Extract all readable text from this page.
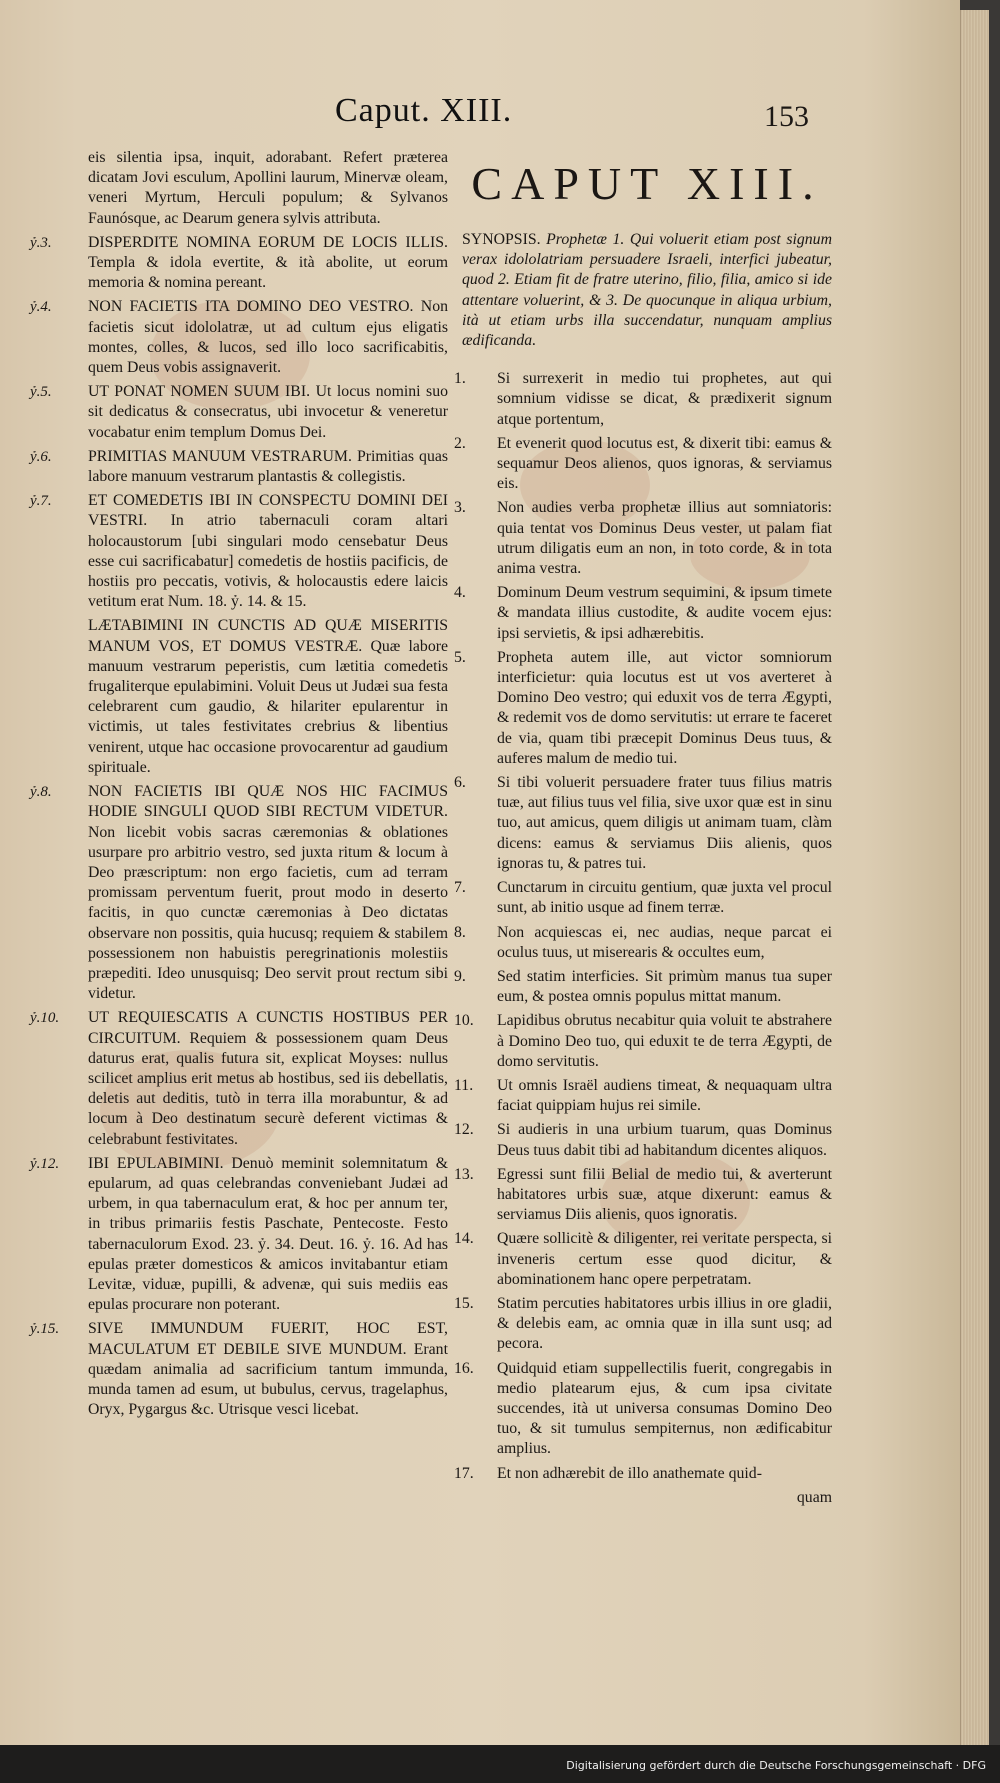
Caput. XIII.	153

eis silentia ipsa, inquit, adorabant. Refert præterea dicatam Jovi esculum, Apollini laurum, Minervæ oleam, veneri Myrtum, Herculi populum; & Sylvanos Faunósque, ac Dearum genera sylvis attributa.

ỷ.3.	DISPERDITE NOMINA EORUM DE LOCIS ILLIS. Templa & idola evertite, & ità abolite, ut eorum memoria & nomina pereant.

ỷ.4.	NON FACIETIS ITA DOMINO DEO VESTRO. Non facietis sicut idololatræ, ut ad cultum ejus eligatis montes, colles, & lucos, sed illo loco sacrificabitis, quem Deus vobis assignaverit.

ỷ.5.	UT PONAT NOMEN SUUM IBI. Ut locus nomini suo sit dedicatus & consecratus, ubi invocetur & veneretur vocabatur enim templum Domus Dei.

ỷ.6.	PRIMITIAS MANUUM VESTRARUM. Primitias quas labore manuum vestrarum plantastis & collegistis.

ỷ.7.	ET COMEDETIS IBI IN CONSPECTU DOMINI DEI VESTRI. In atrio tabernaculi coram altari holocaustorum [ubi singulari modo censebatur Deus esse cui sacrificabatur] comedetis de hostiis pacificis, de hostiis pro peccatis, votivis, & holocaustis edere laicis vetitum erat Num. 18. ỷ. 14. & 15.

LÆTABIMINI IN CUNCTIS AD QUÆ MISERITIS MANUM VOS, ET DOMUS VESTRÆ. Quæ labore manuum vestrarum peperistis, cum lætitia comedetis frugaliterque epulabimini. Voluit Deus ut Judæi sua festa celebrarent cum gaudio, & hilariter epularentur in victimis, ut tales festivitates crebrius & libentius venirent, utque hac occasione provocarentur ad gaudium spirituale.

ỷ.8.	NON FACIETIS IBI QUÆ NOS HIC FACIMUS HODIE SINGULI QUOD SIBI RECTUM VIDETUR. Non licebit vobis sacras cæremonias & oblationes usurpare pro arbitrio vestro, sed juxta ritum & locum à Deo præscriptum: non ergo facietis, cum ad terram promissam perventum fuerit, prout modo in deserto facitis, in quo cunctæ cæremonias à Deo dictatas observare non possitis, quia hucusq; requiem & stabilem possessionem non habuistis peregrinationis molestiis præpediti. Ideo unusquisq; Deo servit prout rectum sibi videtur.

ỷ.10.	UT REQUIESCATIS A CUNCTIS HOSTIBUS PER CIRCUITUM. Requiem & possessionem quam Deus daturus erat, qualis futura sit, explicat Moyses: nullus scilicet amplius erit metus ab hostibus, sed iis debellatis, deletis aut deditis, tutò in terra illa morabuntur, & ad locum à Deo destinatum securè deferent victimas & celebrabunt festivitates.

ỷ.12.	IBI EPULABIMINI. Denuò meminit solemnitatum & epularum, ad quas celebrandas conveniebant Judæi ad urbem, in qua tabernaculum erat, & hoc per annum ter, in tribus primariis festis Paschate, Pentecoste. Festo tabernaculorum Exod. 23. ỷ. 34. Deut. 16. ỷ. 16. Ad has epulas præter domesticos & amicos invitabantur etiam Levitæ, viduæ, pupilli, & advenæ, qui suis mediis eas epulas procurare non poterant.

ỷ.15.	SIVE IMMUNDUM FUERIT, HOC EST, MACULATUM ET DEBILE SIVE MUNDUM. Erant quædam animalia ad sacrificium tantum immunda, munda tamen ad esum, ut bubulus, cervus, tragelaphus, Oryx, Pygargus &c. Utrisque vesci licebat.

CAPUT XIII.
SYNOPSIS. Prophetæ 1. Qui voluerit etiam post signum verax idololatriam persuadere Israeli, interfici jubeatur, quod 2. Etiam fit de fratre uterino, filio, filia, amico si ide attentare voluerint, & 3. De quocunque in aliqua urbium, ità ut etiam urbs illa succendatur, nunquam amplius ædificanda.
1.	Si surrexerit in medio tui prophetes, aut qui somnium vidisse se dicat, & prædixerit signum atque portentum,
2.	Et evenerit quod locutus est, & dixerit tibi: eamus & sequamur Deos alienos, quos ignoras, & serviamus eis.
3.	Non audies verba prophetæ illius aut somniatoris: quia tentat vos Dominus Deus vester, ut palam fiat utrum diligatis eum an non, in toto corde, & in tota anima vestra.
4.	Dominum Deum vestrum sequimini, & ipsum timete & mandata illius custodite, & audite vocem ejus: ipsi servietis, & ipsi adhærebitis.
5.	Propheta autem ille, aut victor somniorum interficietur: quia locutus est ut vos averteret à Domino Deo vestro; qui eduxit vos de terra Ægypti, & redemit vos de domo servitutis: ut errare te faceret de via, quam tibi præcepit Dominus Deus tuus, & auferes malum de medio tui.
6.	Si tibi voluerit persuadere frater tuus filius matris tuæ, aut filius tuus vel filia, sive uxor quæ est in sinu tuo, aut amicus, quem diligis ut animam tuam, clàm dicens: eamus & serviamus Diis alienis, quos ignoras tu, & patres tui.
7.	Cunctarum in circuitu gentium, quæ juxta vel procul sunt, ab initio usque ad finem terræ.
8.	Non acquiescas ei, nec audias, neque parcat ei oculus tuus, ut miserearis & occultes eum,
9.	Sed statim interficies. Sit primùm manus tua super eum, & postea omnis populus mittat manum.
10.	Lapidibus obrutus necabitur quia voluit te abstrahere à Domino Deo tuo, qui eduxit te de terra Ægypti, de domo servitutis.
11.	Ut omnis Israël audiens timeat, & nequaquam ultra faciat quippiam hujus rei simile.
12.	Si audieris in una urbium tuarum, quas Dominus Deus tuus dabit tibi ad habitandum dicentes aliquos.
13.	Egressi sunt filii Belial de medio tui, & averterunt habitatores urbis suæ, atque dixerunt: eamus & serviamus Diis alienis, quos ignoratis.
14.	Quære sollicitè & diligenter, rei veritate perspecta, si inveneris certum esse quod dicitur, & abominationem hanc opere perpetratam.
15.	Statim percuties habitatores urbis illius in ore gladii, & delebis eam, ac omnia quæ in illa sunt usq; ad pecora.
16.	Quidquid etiam suppellectilis fuerit, congregabis in medio platearum ejus, & cum ipsa civitate succendes, ità ut universa consumas Domino Deo tuo, & sit tumulus sempiternus, non ædificabitur amplius.
17.	Et non adhærebit de illo anathemate quid-

quam

Digitalisierung gefördert durch die Deutsche Forschungsgemeinschaft · DFG
